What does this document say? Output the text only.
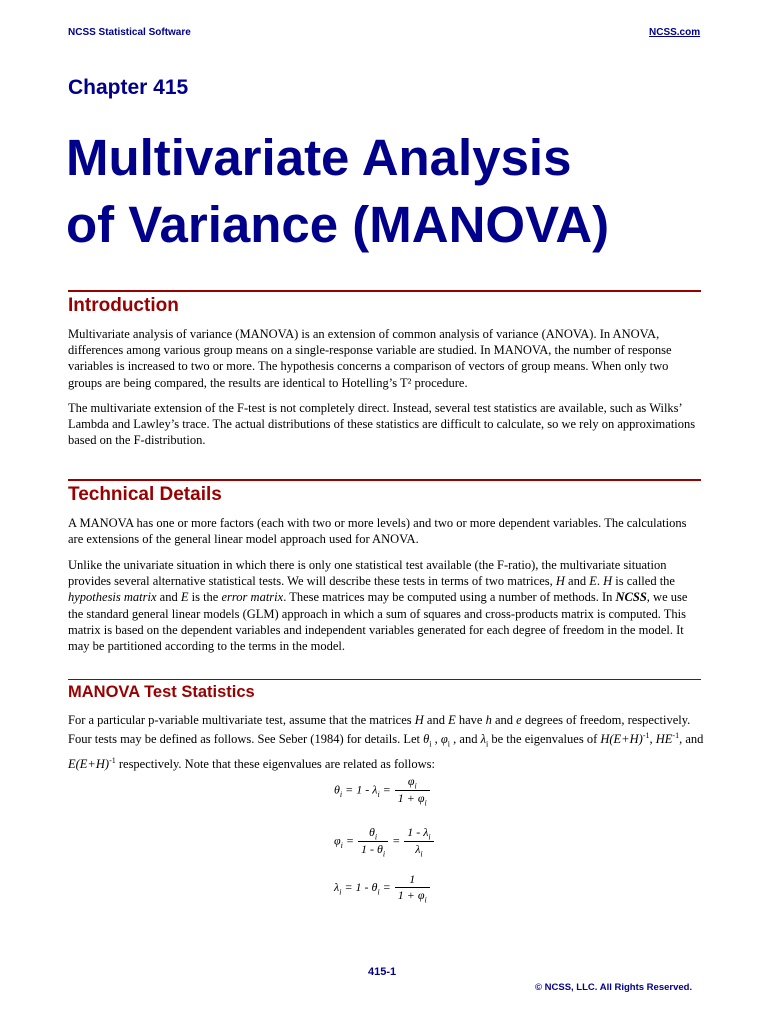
NCSS Statistical Software	NCSS.com
Chapter 415
Multivariate Analysis
of Variance (MANOVA)
Introduction

Multivariate analysis of variance (MANOVA) is an extension of common analysis of variance (ANOVA). In ANOVA, differences among various group means on a single-response variable are studied. In MANOVA, the number of response variables is increased to two or more. The hypothesis concerns a comparison of vectors of group means. When only two groups are being compared, the results are identical to Hotelling’s T² procedure.

The multivariate extension of the F-test is not completely direct. Instead, several test statistics are available, such as Wilks’ Lambda and Lawley’s trace. The actual distributions of these statistics are difficult to calculate, so we rely on approximations based on the F-distribution.

Technical Details

A MANOVA has one or more factors (each with two or more levels) and two or more dependent variables. The calculations are extensions of the general linear model approach used for ANOVA.

Unlike the univariate situation in which there is only one statistical test available (the F-ratio), the multivariate situation provides several alternative statistical tests. We will describe these tests in terms of two matrices, H and E. H is called the hypothesis matrix and E is the error matrix. These matrices may be computed using a number of methods. In NCSS, we use the standard general linear models (GLM) approach in which a sum of squares and cross-products matrix is computed. This matrix is based on the dependent variables and independent variables generated for each degree of freedom in the model. It may be partitioned according to the terms in the model.

MANOVA Test Statistics

For a particular p-variable multivariate test, assume that the matrices H and E have h and e degrees of freedom, respectively. Four tests may be defined as follows. See Seber (1984) for details. Let $\theta_i$ , $\varphi_i$ , and $\lambda_i$ be the eigenvalues of $H(E+H)^{-1}$, $HE^{-1}$, and $E(E+H)^{-1}$ respectively. Note that these eigenvalues are related as follows:

$\theta_i = 1 - \lambda_i = \frac{\varphi_i}{1 + \varphi_i}$
$\varphi_i = \frac{\theta_i}{1 - \theta_i} = \frac{1 - \lambda_i}{\lambda_i}$
$\lambda_i = 1 - \theta_i = \frac{1}{1 + \varphi_i}$
415-1
© NCSS, LLC. All Rights Reserved.
